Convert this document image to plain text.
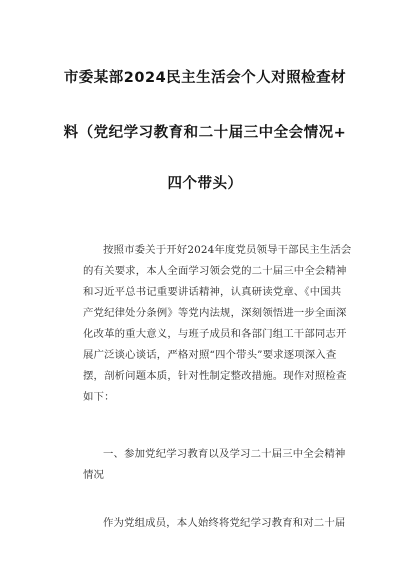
市委某部2024民主生活会个人对照检查材
料（党纪学习教育和二十届三中全会情况+
四个带头）
按照市委关于开好2024年度党员领导干部民主生活会
的有关要求，本人全面学习领会党的二十届三中全会精神
和习近平总书记重要讲话精神，认真研读党章、《中国共
产党纪律处分条例》等党内法规，深刻领悟进一步全面深
化改革的重大意义，与班子成员和各部门组工干部同志开
展广泛谈心谈话，严格对照“四个带头”要求逐项深入查
摆，剖析问题本质，针对性制定整改措施。现作对照检查
如下：
一、参加党纪学习教育以及学习二十届三中全会精神
情况
作为党组成员，本人始终将党纪学习教育和对二十届
